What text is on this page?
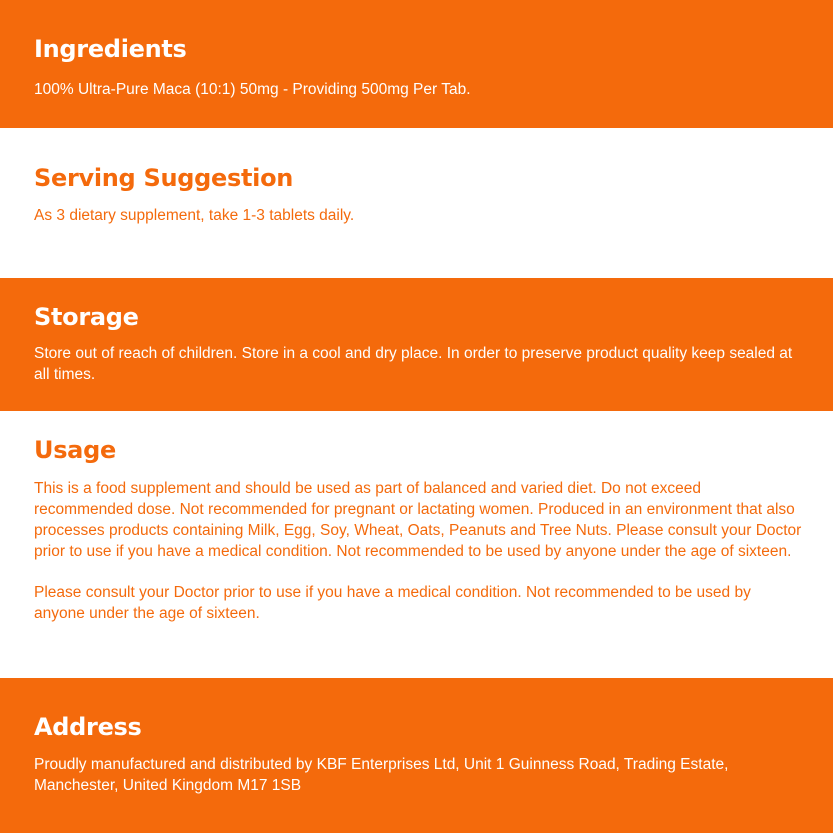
Ingredients

100% Ultra-Pure Maca (10:1) 50mg - Providing 500mg Per Tab.

Serving Suggestion

As 3 dietary supplement, take 1-3 tablets daily.

Storage

Store out of reach of children. Store in a cool and dry place. In order to preserve product quality keep sealed at all times.

Usage

This is a food supplement and should be used as part of balanced and varied diet. Do not exceed recommended dose. Not recommended for pregnant or lactating women. Produced in an environment that also processes products containing Milk, Egg, Soy, Wheat, Oats, Peanuts and Tree Nuts. Please consult your Doctor prior to use if you have a medical condition. Not recommended to be used by anyone under the age of sixteen.

Please consult your Doctor prior to use if you have a medical condition. Not recommended to be used by anyone under the age of sixteen.

Address

Proudly manufactured and distributed by KBF Enterprises Ltd, Unit 1 Guinness Road, Trading Estate, Manchester, United Kingdom M17 1SB
